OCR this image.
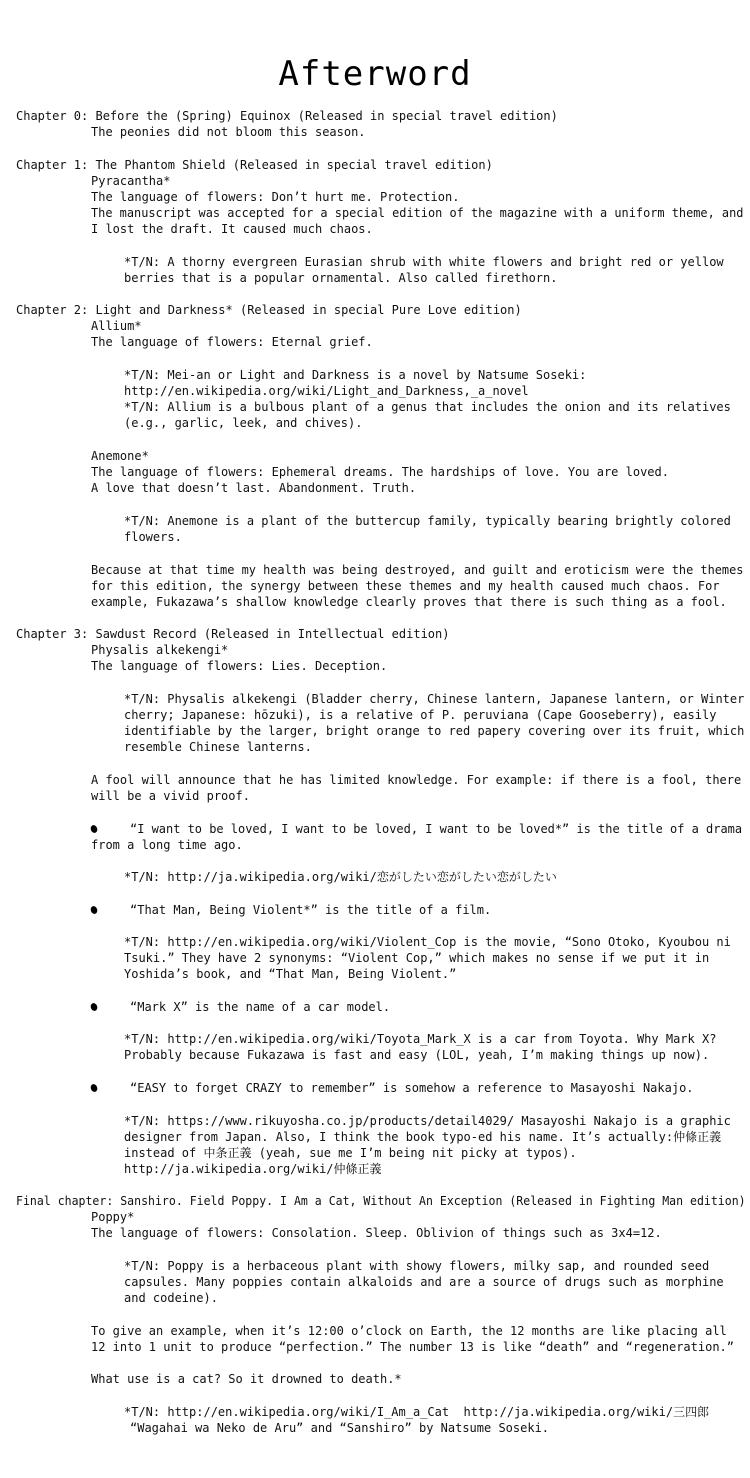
Afterword
Chapter 0: Before the (Spring) Equinox (Released in special travel edition)
The peonies did not bloom this season.
Chapter 1: The Phantom Shield (Released in special travel edition)
Pyracantha*
The language of flowers: Don’t hurt me. Protection.
The manuscript was accepted for a special edition of the magazine with a uniform theme, and
I lost the draft. It caused much chaos.
*T/N: A thorny evergreen Eurasian shrub with white flowers and bright red or yellow
berries that is a popular ornamental. Also called firethorn.
Chapter 2: Light and Darkness* (Released in special Pure Love edition)
Allium*
The language of flowers: Eternal grief.
*T/N: Mei-an or Light and Darkness is a novel by Natsume Soseki:
http://en.wikipedia.org/wiki/Light_and_Darkness,_a_novel
*T/N: Allium is a bulbous plant of a genus that includes the onion and its relatives
(e.g., garlic, leek, and chives).
Anemone*
The language of flowers: Ephemeral dreams. The hardships of love. You are loved.
A love that doesn’t last. Abandonment. Truth.
*T/N: Anemone is a plant of the buttercup family, typically bearing brightly colored
flowers.
Because at that time my health was being destroyed, and guilt and eroticism were the themes
for this edition, the synergy between these themes and my health caused much chaos. For
example, Fukazawa’s shallow knowledge clearly proves that there is such thing as a fool.
Chapter 3: Sawdust Record (Released in Intellectual edition)
Physalis alkekengi*
The language of flowers: Lies. Deception.
*T/N: Physalis alkekengi (Bladder cherry, Chinese lantern, Japanese lantern, or Winter
cherry; Japanese: hōzuki), is a relative of P. peruviana (Cape Gooseberry), easily
identifiable by the larger, bright orange to red papery covering over its fruit, which
resemble Chinese lanterns.
A fool will announce that he has limited knowledge. For example: if there is a fool, there
will be a vivid proof.
“I want to be loved, I want to be loved, I want to be loved*” is the title of a drama
from a long time ago.
*T/N: http://ja.wikipedia.org/wiki/恋がしたい恋がしたい恋がしたい
“That Man, Being Violent*” is the title of a film.
*T/N: http://en.wikipedia.org/wiki/Violent_Cop is the movie, “Sono Otoko, Kyoubou ni
Tsuki.” They have 2 synonyms: “Violent Cop,” which makes no sense if we put it in
Yoshida’s book, and “That Man, Being Violent.”
“Mark X” is the name of a car model.
*T/N: http://en.wikipedia.org/wiki/Toyota_Mark_X is a car from Toyota. Why Mark X?
Probably because Fukazawa is fast and easy (LOL, yeah, I’m making things up now).
“EASY to forget CRAZY to remember” is somehow a reference to Masayoshi Nakajo.
*T/N: https://www.rikuyosha.co.jp/products/detail4029/ Masayoshi Nakajo is a graphic
designer from Japan. Also, I think the book typo-ed his name. It’s actually:仲條正義
instead of 中条正義 (yeah, sue me I’m being nit picky at typos).
http://ja.wikipedia.org/wiki/仲條正義
Final chapter: Sanshiro. Field Poppy. I Am a Cat, Without An Exception (Released in Fighting Man edition)
Poppy*
The language of flowers: Consolation. Sleep. Oblivion of things such as 3x4=12.
*T/N: Poppy is a herbaceous plant with showy flowers, milky sap, and rounded seed
capsules. Many poppies contain alkaloids and are a source of drugs such as morphine
and codeine).
To give an example, when it’s 12:00 o’clock on Earth, the 12 months are like placing all
12 into 1 unit to produce “perfection.” The number 13 is like “death” and “regeneration.”
What use is a cat? So it drowned to death.*
*T/N: http://en.wikipedia.org/wiki/I_Am_a_Cat  http://ja.wikipedia.org/wiki/三四郎
“Wagahai wa Neko de Aru” and “Sanshiro” by Natsume Soseki.
